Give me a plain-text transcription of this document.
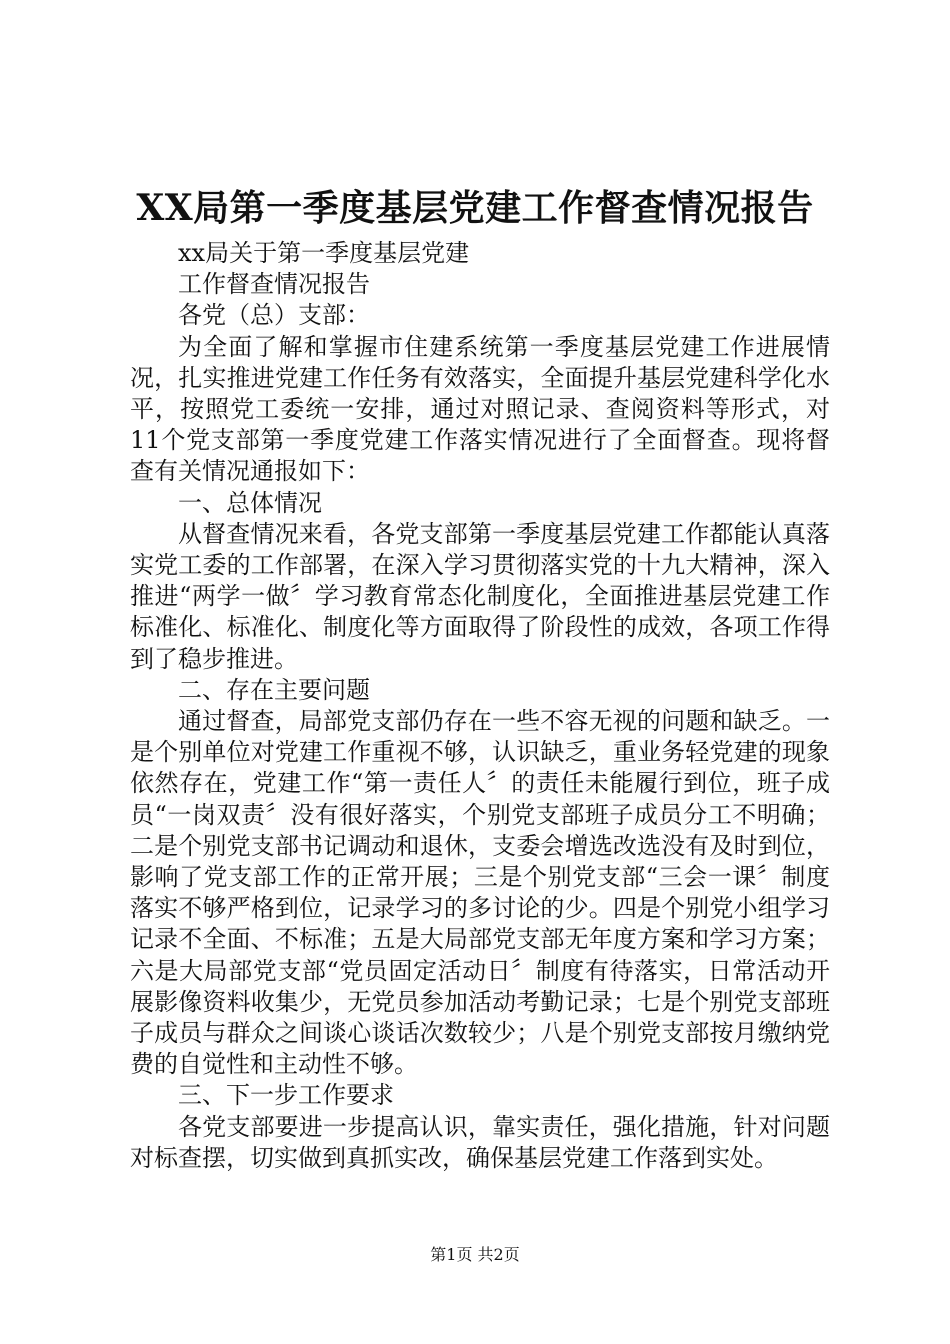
XX局第一季度基层党建工作督查情况报告

xx局关于第一季度基层党建

工作督查情况报告

各党（总）支部：

为全面了解和掌握市住建系统第一季度基层党建工作进展情况，扎实推进党建工作任务有效落实，全面提升基层党建科学化水平，按照党工委统一安排，通过对照记录、查阅资料等形式，对11个党支部第一季度党建工作落实情况进行了全面督查。现将督查有关情况通报如下：

一、总体情况

从督查情况来看，各党支部第一季度基层党建工作都能认真落实党工委的工作部署，在深入学习贯彻落实党的十九大精神，深入推进“两学一做〞学习教育常态化制度化，全面推进基层党建工作标准化、标准化、制度化等方面取得了阶段性的成效，各项工作得到了稳步推进。

二、存在主要问题

通过督查，局部党支部仍存在一些不容无视的问题和缺乏。一是个别单位对党建工作重视不够，认识缺乏，重业务轻党建的现象依然存在，党建工作“第一责任人〞的责任未能履行到位，班子成员“一岗双责〞没有很好落实，个别党支部班子成员分工不明确；二是个别党支部书记调动和退休，支委会增选改选没有及时到位，影响了党支部工作的正常开展；三是个别党支部“三会一课〞制度落实不够严格到位，记录学习的多讨论的少。四是个别党小组学习记录不全面、不标准；五是大局部党支部无年度方案和学习方案；六是大局部党支部“党员固定活动日〞制度有待落实，日常活动开展影像资料收集少，无党员参加活动考勤记录；七是个别党支部班子成员与群众之间谈心谈话次数较少；八是个别党支部按月缴纳党费的自觉性和主动性不够。

三、下一步工作要求

各党支部要进一步提高认识，靠实责任，强化措施，针对问题对标查摆，切实做到真抓实改，确保基层党建工作落到实处。

第1页 共2页
